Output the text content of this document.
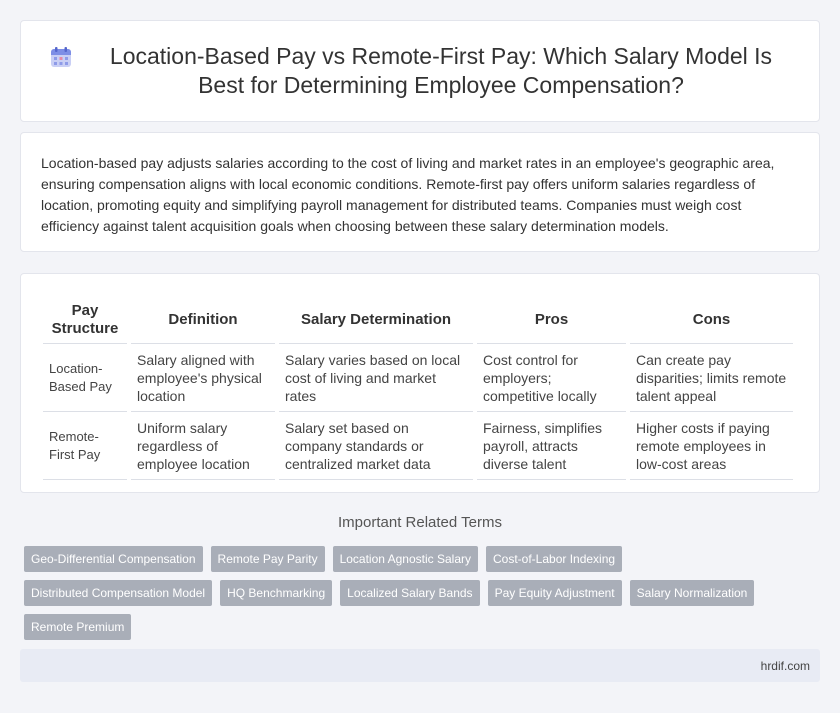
Location-Based Pay vs Remote-First Pay: Which Salary Model Is Best for Determining Employee Compensation?

Location-based pay adjusts salaries according to the cost of living and market rates in an employee's geographic area, ensuring compensation aligns with local economic conditions. Remote-first pay offers uniform salaries regardless of location, promoting equity and simplifying payroll management for distributed teams. Companies must weigh cost efficiency against talent acquisition goals when choosing between these salary determination models.

Pay Structure	Definition	Salary Determination	Pros	Cons
Location-Based Pay	Salary aligned with employee's physical location	Salary varies based on local cost of living and market rates	Cost control for employers; competitive locally	Can create pay disparities; limits remote talent appeal
Remote-First Pay	Uniform salary regardless of employee location	Salary set based on company standards or centralized market data	Fairness, simplifies payroll, attracts diverse talent	Higher costs if paying remote employees in low-cost areas
Important Related Terms
Geo-Differential Compensation	Remote Pay Parity	Location Agnostic Salary	Cost-of-Labor Indexing
Distributed Compensation Model	HQ Benchmarking	Localized Salary Bands	Pay Equity Adjustment	Salary Normalization
Remote Premium
hrdif.com
